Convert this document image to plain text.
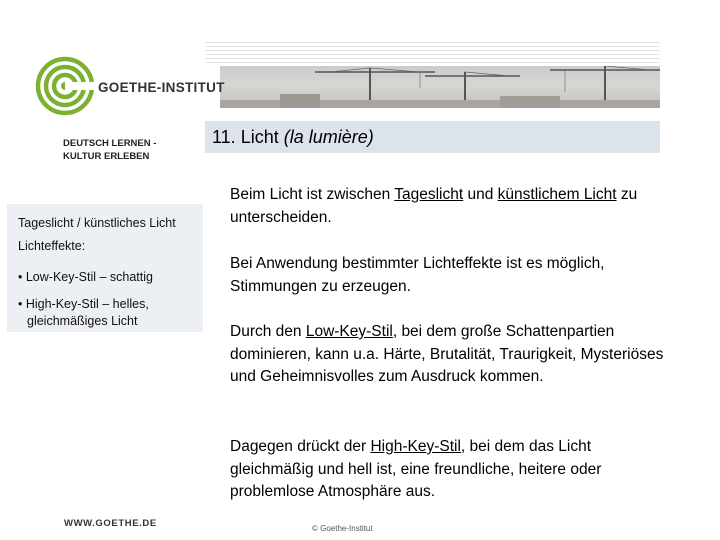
GOETHE-INSTITUT
DEUTSCH LERNEN -
KULTUR ERLEBEN
11. Licht (la lumière)
Tageslicht / künstliches Licht
Lichteffekte:
• Low-Key-Stil – schattig
• High-Key-Stil – helles,
gleichmäßiges Licht
Beim Licht ist zwischen Tageslicht und künstlichem Licht zu unterscheiden.
Bei Anwendung bestimmter Lichteffekte ist es möglich, Stimmungen zu erzeugen.
Durch den Low-Key-Stil, bei dem große Schattenpartien dominieren, kann u.a. Härte, Brutalität, Traurigkeit, Mysteriöses und Geheimnisvolles zum Ausdruck kommen.
Dagegen drückt der High-Key-Stil, bei dem das Licht gleichmäßig und hell ist, eine freundliche, heitere oder problemlose Atmosphäre aus.
WWW.GOETHE.DE	© Goethe-Institut
